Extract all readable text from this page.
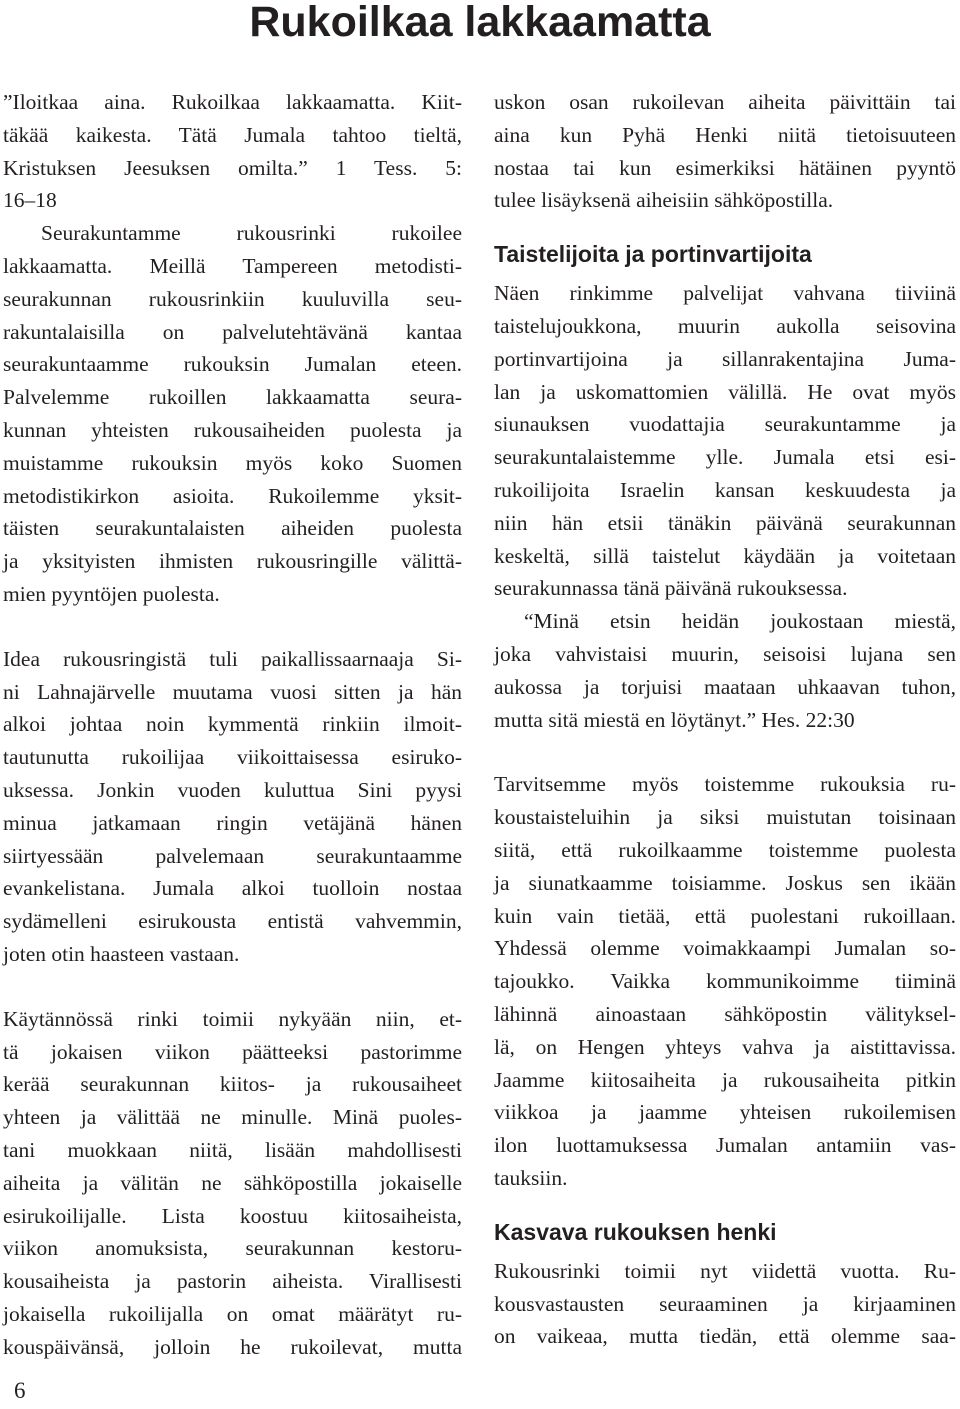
Rukoilkaa lakkaamatta

”Iloitkaa aina. Rukoilkaa lakkaamatta. Kiit-

täkää kaikesta. Tätä Jumala tahtoo tieltä,

Kristuksen Jeesuksen omilta.” 1 Tess. 5:

16–18

Seurakuntamme rukousrinki rukoilee

lakkaamatta. Meillä Tampereen metodisti-

seurakunnan rukousrinkiin kuuluvilla seu-

rakuntalaisilla on palvelutehtävänä kantaa

seurakuntaamme rukouksin Jumalan eteen.

Palvelemme rukoillen lakkaamatta seura-

kunnan yhteisten rukousaiheiden puolesta ja

muistamme rukouksin myös koko Suomen

metodistikirkon asioita. Rukoilemme yksit-

täisten seurakuntalaisten aiheiden puolesta

ja yksityisten ihmisten rukousringille välittä-

mien pyyntöjen puolesta.

Idea rukousringistä tuli paikallissaarnaaja Si-

ni Lahnajärvelle muutama vuosi sitten ja hän

alkoi johtaa noin kymmentä rinkiin ilmoit-

tautunutta rukoilijaa viikoittaisessa esiruko-

uksessa. Jonkin vuoden kuluttua Sini pyysi

minua jatkamaan ringin vetäjänä hänen

siirtyessään palvelemaan seurakuntaamme

evankelistana. Jumala alkoi tuolloin nostaa

sydämelleni esirukousta entistä vahvemmin,

joten otin haasteen vastaan.

Käytännössä rinki toimii nykyään niin, et-

tä jokaisen viikon päätteeksi pastorimme

kerää seurakunnan kiitos- ja rukousaiheet

yhteen ja välittää ne minulle. Minä puoles-

tani muokkaan niitä, lisään mahdollisesti

aiheita ja välitän ne sähköpostilla jokaiselle

esirukoilijalle. Lista koostuu kiitosaiheista,

viikon anomuksista, seurakunnan kestoru-

kousaiheista ja pastorin aiheista. Virallisesti

jokaisella rukoilijalla on omat määrätyt ru-

kouspäivänsä, jolloin he rukoilevat, mutta

uskon osan rukoilevan aiheita päivittäin tai

aina kun Pyhä Henki niitä tietoisuuteen

nostaa tai kun esimerkiksi hätäinen pyyntö

tulee lisäyksenä aiheisiin sähköpostilla.

Taistelijoita ja portinvartijoita

Näen rinkimme palvelijat vahvana tiiviinä

taistelujoukkona, muurin aukolla seisovina

portinvartijoina ja sillanrakentajina Juma-

lan ja uskomattomien välillä. He ovat myös

siunauksen vuodattajia seurakuntamme ja

seurakuntalaistemme ylle. Jumala etsi esi-

rukoilijoita Israelin kansan keskuudesta ja

niin hän etsii tänäkin päivänä seurakunnan

keskeltä, sillä taistelut käydään ja voitetaan

seurakunnassa tänä päivänä rukouksessa.

“Minä etsin heidän joukostaan miestä,

joka vahvistaisi muurin, seisoisi lujana sen

aukossa ja torjuisi maataan uhkaavan tuhon,

mutta sitä miestä en löytänyt.” Hes. 22:30

Tarvitsemme myös toistemme rukouksia ru-

koustaisteluihin ja siksi muistutan toisinaan

siitä, että rukoilkaamme toistemme puolesta

ja siunatkaamme toisiamme. Joskus sen ikään

kuin vain tietää, että puolestani rukoillaan.

Yhdessä olemme voimakkaampi Jumalan so-

tajoukko. Vaikka kommunikoimme tiiminä

lähinnä ainoastaan sähköpostin välityksel-

lä, on Hengen yhteys vahva ja aistittavissa.

Jaamme kiitosaiheita ja rukousaiheita pitkin

viikkoa ja jaamme yhteisen rukoilemisen

ilon luottamuksessa Jumalan antamiin vas-

tauksiin.

Kasvava rukouksen henki

Rukousrinki toimii nyt viidettä vuotta. Ru-

kousvastausten seuraaminen ja kirjaaminen

on vaikeaa, mutta tiedän, että olemme saa-

6
